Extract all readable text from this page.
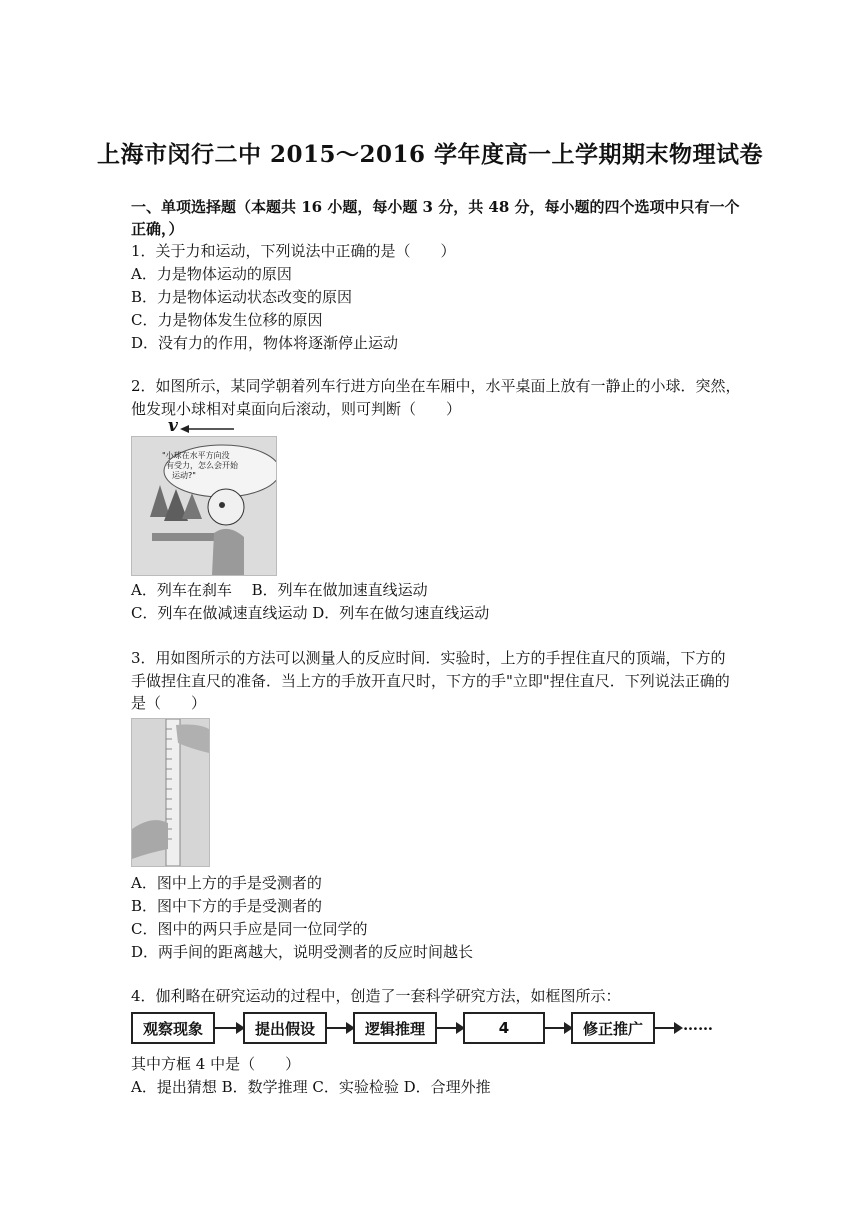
上海市闵行二中 2015～2016 学年度高一上学期期末物理试卷
一、单项选择题（本题共 16 小题，每小题 3 分，共 48 分，每小题的四个选项中只有一个
正确，）
1．关于力和运动，下列说法中正确的是（　　）
A．力是物体运动的原因
B．力是物体运动状态改变的原因
C．力是物体发生位移的原因
D．没有力的作用，物体将逐渐停止运动
2．如图所示，某同学朝着列车行进方向坐在车厢中，水平桌面上放有一静止的小球．突然，
他发现小球相对桌面向后滚动，则可判断（　　）
v
"小球在水平方向没
有受力，怎么会开始
运动?"
A．列车在刹车　 B．列车在做加速直线运动
C．列车在做减速直线运动 D．列车在做匀速直线运动
3．用如图所示的方法可以测量人的反应时间．实验时，上方的手捏住直尺的顶端，下方的
手做捏住直尺的准备．当上方的手放开直尺时，下方的手"立即"捏住直尺．下列说法正确的
是（　　）
A．图中上方的手是受测者的
B．图中下方的手是受测者的
C．图中的两只手应是同一位同学的
D．两手间的距离越大，说明受测者的反应时间越长
4．伽利略在研究运动的过程中，创造了一套科学研究方法，如框图所示：
观察现象	提出假设	逻辑推理	4	修正推广	……
其中方框 4 中是（　　）
A．提出猜想 B．数学推理 C．实验检验 D．合理外推
